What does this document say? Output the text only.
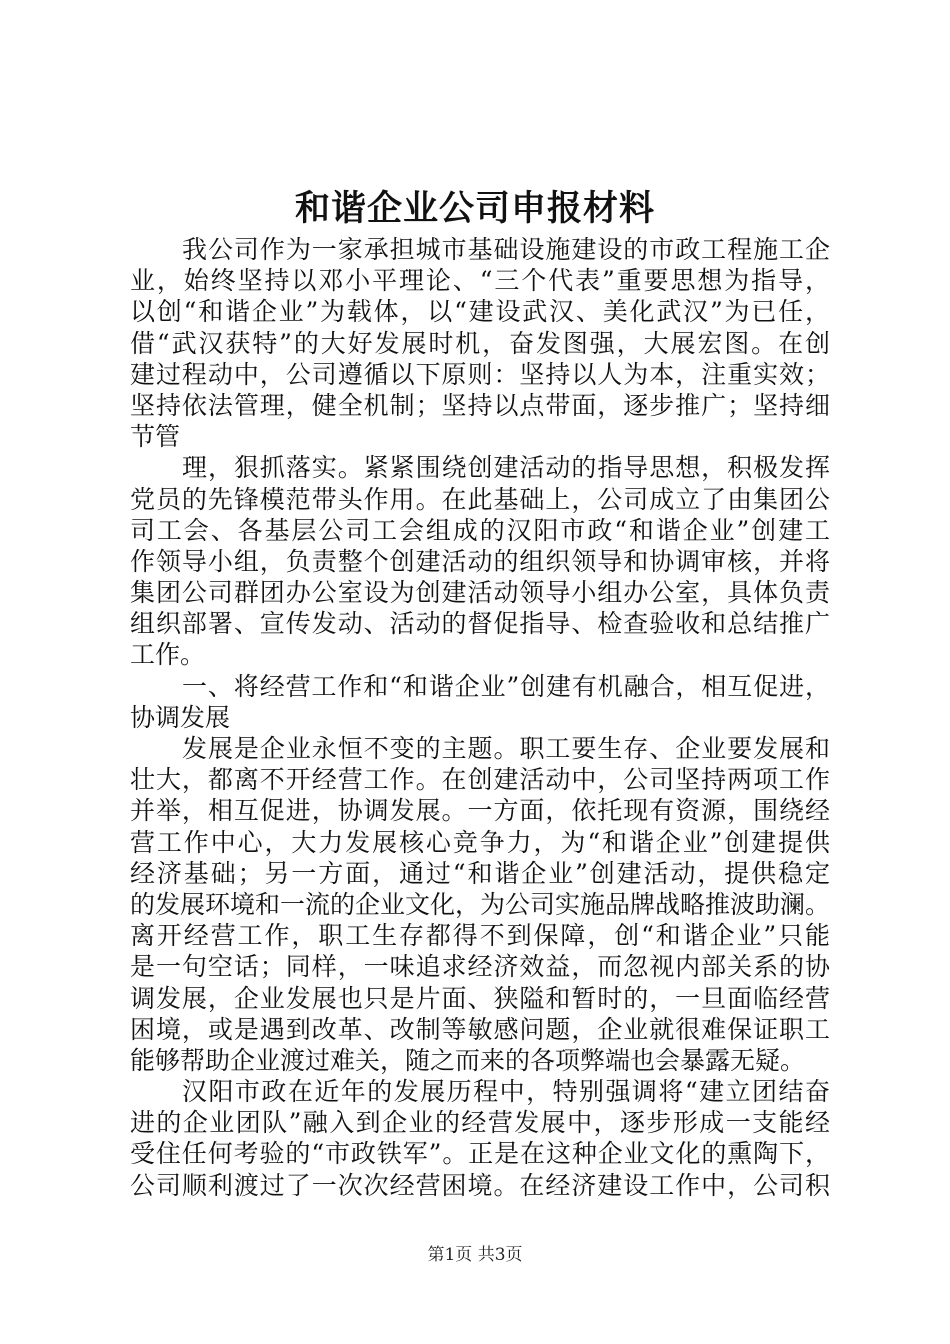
和谐企业公司申报材料
我公司作为一家承担城市基础设施建设的市政工程施工企
业，始终坚持以邓小平理论、“三个代表”重要思想为指导，
以创“和谐企业”为载体，以“建设武汉、美化武汉”为已任，
借“武汉获特”的大好发展时机，奋发图强，大展宏图。在创
建过程动中，公司遵循以下原则：坚持以人为本，注重实效；
坚持依法管理，健全机制；坚持以点带面，逐步推广；坚持细
节管
理，狠抓落实。紧紧围绕创建活动的指导思想，积极发挥
党员的先锋模范带头作用。在此基础上，公司成立了由集团公
司工会、各基层公司工会组成的汉阳市政“和谐企业”创建工
作领导小组，负责整个创建活动的组织领导和协调审核，并将
集团公司群团办公室设为创建活动领导小组办公室，具体负责
组织部署、宣传发动、活动的督促指导、检查验收和总结推广
工作。
一、将经营工作和“和谐企业”创建有机融合，相互促进，
协调发展
发展是企业永恒不变的主题。职工要生存、企业要发展和
壮大，都离不开经营工作。在创建活动中，公司坚持两项工作
并举，相互促进，协调发展。一方面，依托现有资源，围绕经
营工作中心，大力发展核心竞争力，为“和谐企业”创建提供
经济基础；另一方面，通过“和谐企业”创建活动，提供稳定
的发展环境和一流的企业文化，为公司实施品牌战略推波助澜。
离开经营工作，职工生存都得不到保障，创“和谐企业”只能
是一句空话；同样，一味追求经济效益，而忽视内部关系的协
调发展，企业发展也只是片面、狭隘和暂时的，一旦面临经营
困境，或是遇到改革、改制等敏感问题，企业就很难保证职工
能够帮助企业渡过难关，随之而来的各项弊端也会暴露无疑。
汉阳市政在近年的发展历程中，特别强调将“建立团结奋
进的企业团队”融入到企业的经营发展中，逐步形成一支能经
受住任何考验的“市政铁军”。正是在这种企业文化的熏陶下，
公司顺利渡过了一次次经营困境。在经济建设工作中，公司积
第1页 共3页
